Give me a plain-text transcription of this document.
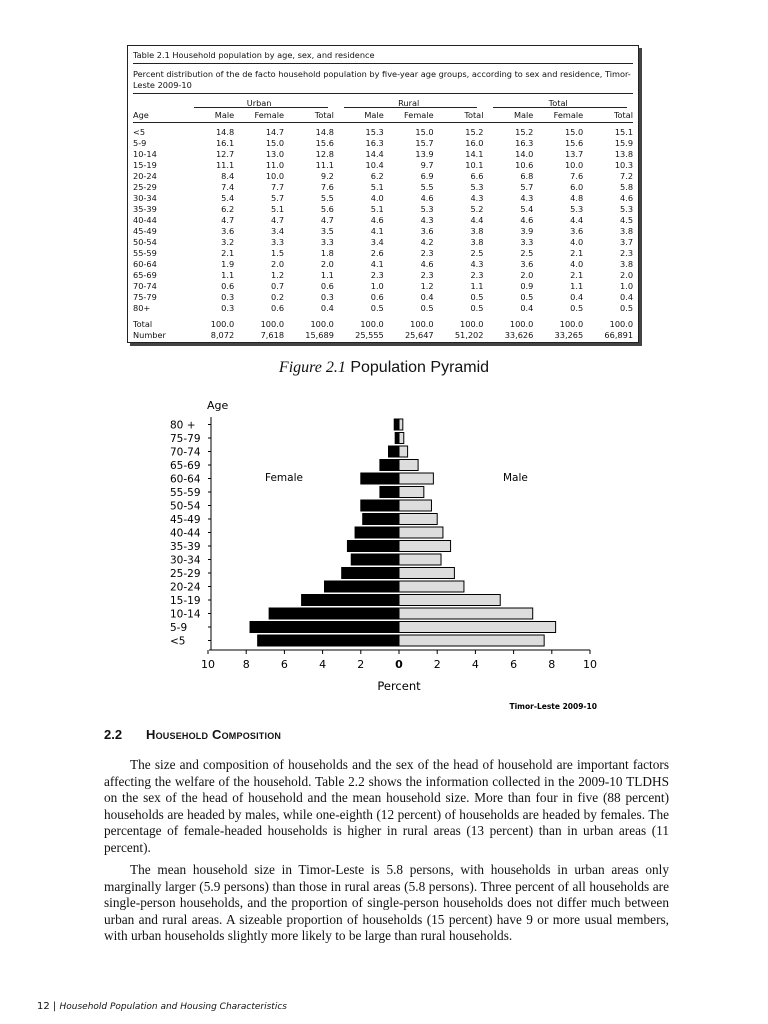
Table 2.1 Household population by age, sex, and residence
Percent distribution of the de facto household population by five-year age groups, according to sex and residence, Timor-Leste 2009-10
Urban	Rural	Total
Age	Male	Female	Total	Male	Female	Total	Male	Female	Total
<5	14.8	14.7	14.8	15.3	15.0	15.2	15.2	15.0	15.1
5-9	16.1	15.0	15.6	16.3	15.7	16.0	16.3	15.6	15.9
10-14	12.7	13.0	12.8	14.4	13.9	14.1	14.0	13.7	13.8
15-19	11.1	11.0	11.1	10.4	9.7	10.1	10.6	10.0	10.3
20-24	8.4	10.0	9.2	6.2	6.9	6.6	6.8	7.6	7.2
25-29	7.4	7.7	7.6	5.1	5.5	5.3	5.7	6.0	5.8
30-34	5.4	5.7	5.5	4.0	4.6	4.3	4.3	4.8	4.6
35-39	6.2	5.1	5.6	5.1	5.3	5.2	5.4	5.3	5.3
40-44	4.7	4.7	4.7	4.6	4.3	4.4	4.6	4.4	4.5
45-49	3.6	3.4	3.5	4.1	3.6	3.8	3.9	3.6	3.8
50-54	3.2	3.3	3.3	3.4	4.2	3.8	3.3	4.0	3.7
55-59	2.1	1.5	1.8	2.6	2.3	2.5	2.5	2.1	2.3
60-64	1.9	2.0	2.0	4.1	4.6	4.3	3.6	4.0	3.8
65-69	1.1	1.2	1.1	2.3	2.3	2.3	2.0	2.1	2.0
70-74	0.6	0.7	0.6	1.0	1.2	1.1	0.9	1.1	1.0
75-79	0.3	0.2	0.3	0.6	0.4	0.5	0.5	0.4	0.4
80+	0.3	0.6	0.4	0.5	0.5	0.5	0.4	0.5	0.5
Total	100.0	100.0	100.0	100.0	100.0	100.0	100.0	100.0	100.0
Number	8,072	7,618	15,689	25,555	25,647	51,202	33,626	33,265	66,891
Figure 2.1 Population Pyramid
Age
<5
5-9
10-14
15-19
20-24
25-29
30-34
35-39
40-44
45-49
50-54
55-59
60-64
65-69
70-74
75-79
80 +
10	8	6	4	2	0	2	4	6	8	10
Percent
Female	Male
Timor-Leste 2009-10
2.2 Household Composition

The size and composition of households and the sex of the head of household are important factors affecting the welfare of the household. Table 2.2 shows the information collected in the 2009-10 TLDHS on the sex of the head of household and the mean household size. More than four in five (88 percent) households are headed by males, while one-eighth (12 percent) of households are headed by females. The percentage of female-headed households is higher in rural areas (13 percent) than in urban areas (11 percent).

The mean household size in Timor-Leste is 5.8 persons, with households in urban areas only marginally larger (5.9 persons) than those in rural areas (5.8 persons). Three percent of all households are single-person households, and the proportion of single-person households does not differ much between urban and rural areas. A sizeable proportion of households (15 percent) have 9 or more usual members, with urban households slightly more likely to be large than rural households.

12 | Household Population and Housing Characteristics
